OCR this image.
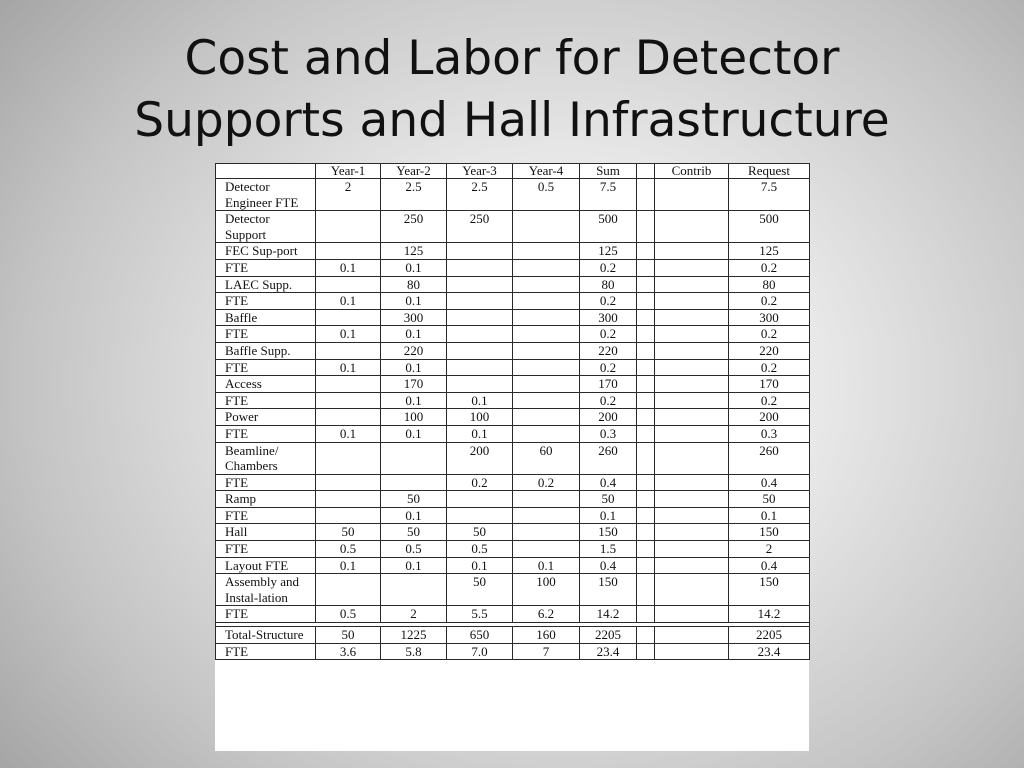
Cost and Labor for Detector
Supports and Hall Infrastructure
	Year-1	Year-2	Year-3	Year-4	Sum		Contrib	Request
Detector Engineer FTE	2	2.5	2.5	0.5	7.5			7.5
Detector Support		250	250		500			500
FEC Sup-port		125			125			125
FTE	0.1	0.1			0.2			0.2
LAEC Supp.		80			80			80
FTE	0.1	0.1			0.2			0.2
Baffle		300			300			300
FTE	0.1	0.1			0.2			0.2
Baffle Supp.		220			220			220
FTE	0.1	0.1			0.2			0.2
Access		170			170			170
FTE		0.1	0.1		0.2			0.2
Power		100	100		200			200
FTE	0.1	0.1	0.1		0.3			0.3
Beamline/ Chambers			200	60	260			260
FTE			0.2	0.2	0.4			0.4
Ramp		50			50			50
FTE		0.1			0.1			0.1
Hall	50	50	50		150			150
FTE	0.5	0.5	0.5		1.5			2
Layout FTE	0.1	0.1	0.1	0.1	0.4			0.4
Assembly and Instal-lation			50	100	150			150
FTE	0.5	2	5.5	6.2	14.2			14.2

Total-Structure	50	1225	650	160	2205			2205
FTE	3.6	5.8	7.0	7	23.4			23.4
